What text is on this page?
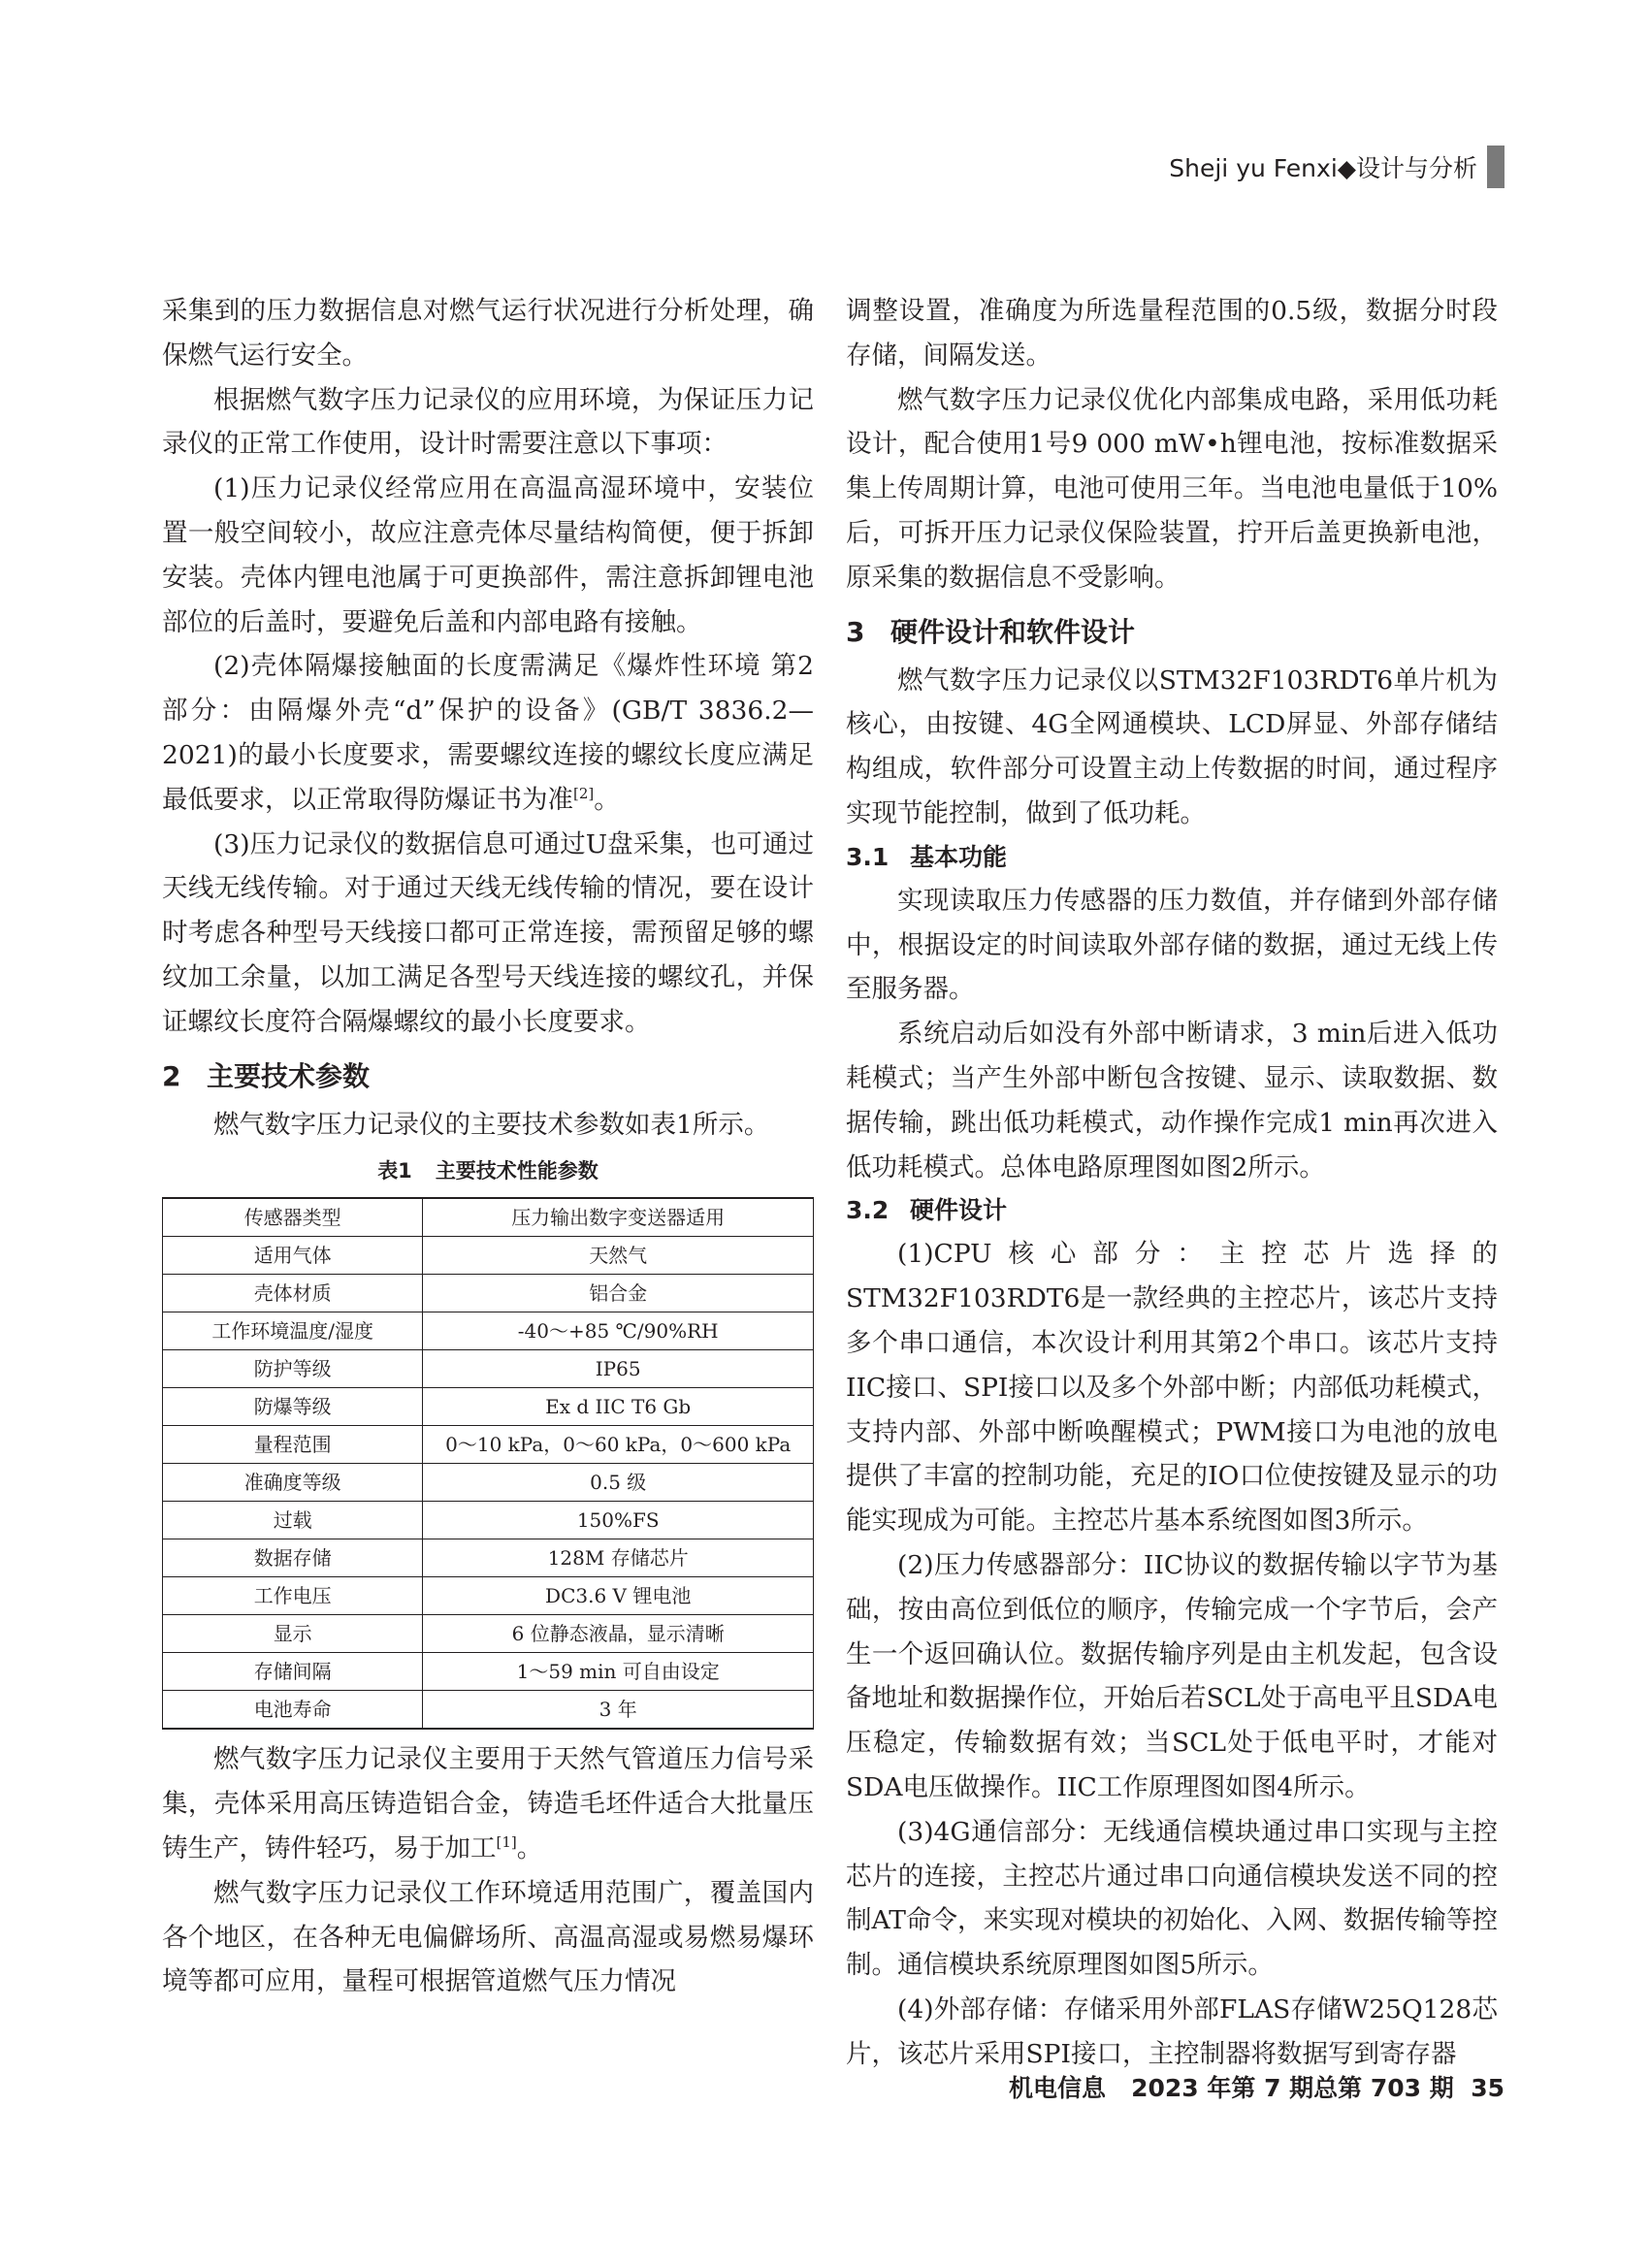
Sheji yu Fenxi◆设计与分析

采集到的压力数据信息对燃气运行状况进行分析处理，确保燃气运行安全。

根据燃气数字压力记录仪的应用环境，为保证压力记录仪的正常工作使用，设计时需要注意以下事项：

(1)压力记录仪经常应用在高温高湿环境中，安装位置一般空间较小，故应注意壳体尽量结构简便，便于拆卸安装。壳体内锂电池属于可更换部件，需注意拆卸锂电池部位的后盖时，要避免后盖和内部电路有接触。

(2)壳体隔爆接触面的长度需满足《爆炸性环境 第2部分：由隔爆外壳“d”保护的设备》(GB/T 3836.2—2021)的最小长度要求，需要螺纹连接的螺纹长度应满足最低要求，以正常取得防爆证书为准[2]。

(3)压力记录仪的数据信息可通过U盘采集，也可通过天线无线传输。对于通过天线无线传输的情况，要在设计时考虑各种型号天线接口都可正常连接，需预留足够的螺纹加工余量，以加工满足各型号天线连接的螺纹孔，并保证螺纹长度符合隔爆螺纹的最小长度要求。

2 主要技术参数

燃气数字压力记录仪的主要技术参数如表1所示。

表1 主要技术性能参数
传感器类型	压力输出数字变送器适用
适用气体	天然气
壳体材质	铝合金
工作环境温度/湿度	-40～+85 ℃/90%RH
防护等级	IP65
防爆等级	Ex d IIC T6 Gb
量程范围	0～10 kPa，0～60 kPa，0～600 kPa
准确度等级	0.5 级
过载	150%FS
数据存储	128M 存储芯片
工作电压	DC3.6 V 锂电池
显示	6 位静态液晶，显示清晰
存储间隔	1～59 min 可自由设定
电池寿命	3 年

燃气数字压力记录仪主要用于天然气管道压力信号采集，壳体采用高压铸造铝合金，铸造毛坯件适合大批量压铸生产，铸件轻巧，易于加工[1]。

燃气数字压力记录仪工作环境适用范围广，覆盖国内各个地区，在各种无电偏僻场所、高温高湿或易燃易爆环境等都可应用，量程可根据管道燃气压力情况

调整设置，准确度为所选量程范围的0.5级，数据分时段存储，间隔发送。

燃气数字压力记录仪优化内部集成电路，采用低功耗设计，配合使用1号9 000 mW•h锂电池，按标准数据采集上传周期计算，电池可使用三年。当电池电量低于10%后，可拆开压力记录仪保险装置，拧开后盖更换新电池，原采集的数据信息不受影响。

3 硬件设计和软件设计

燃气数字压力记录仪以STM32F103RDT6单片机为核心，由按键、4G全网通模块、LCD屏显、外部存储结构组成，软件部分可设置主动上传数据的时间，通过程序实现节能控制，做到了低功耗。

3.1 基本功能

实现读取压力传感器的压力数值，并存储到外部存储中，根据设定的时间读取外部存储的数据，通过无线上传至服务器。

系统启动后如没有外部中断请求，3 min后进入低功耗模式；当产生外部中断包含按键、显示、读取数据、数据传输，跳出低功耗模式，动作操作完成1 min再次进入低功耗模式。总体电路原理图如图2所示。

3.2 硬件设计

(1)CPU核心部分：主控芯片选择的STM32F103RDT6是一款经典的主控芯片，该芯片支持多个串口通信，本次设计利用其第2个串口。该芯片支持IIC接口、SPI接口以及多个外部中断；内部低功耗模式，支持内部、外部中断唤醒模式；PWM接口为电池的放电提供了丰富的控制功能，充足的IO口位使按键及显示的功能实现成为可能。主控芯片基本系统图如图3所示。

(2)压力传感器部分：IIC协议的数据传输以字节为基础，按由高位到低位的顺序，传输完成一个字节后，会产生一个返回确认位。数据传输序列是由主机发起，包含设备地址和数据操作位，开始后若SCL处于高电平且SDA电压稳定，传输数据有效；当SCL处于低电平时，才能对SDA电压做操作。IIC工作原理图如图4所示。

(3)4G通信部分：无线通信模块通过串口实现与主控芯片的连接，主控芯片通过串口向通信模块发送不同的控制AT命令，来实现对模块的初始化、入网、数据传输等控制。通信模块系统原理图如图5所示。

(4)外部存储：存储采用外部FLAS存储W25Q128芯片，该芯片采用SPI接口，主控制器将数据写到寄存器

机电信息 2023 年第 7 期总第 703 期 35
